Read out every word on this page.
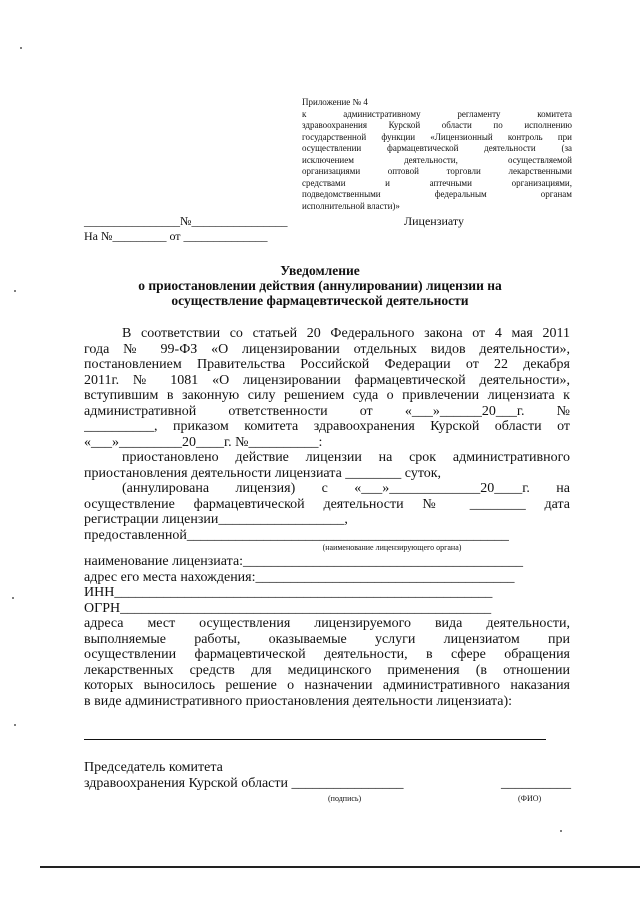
Приложение № 4
к административному регламенту комитета
здравоохранения Курской области по исполнению
государственной функции «Лицензионный контроль при
осуществлении фармацевтической деятельности (за
исключением деятельности, осуществляемой
организациями оптовой торговли лекарственными
средствами и аптечными организациями,
подведомственными федеральным органам
исполнительной власти)»
________________№________________
На №_________ от ______________
Лицензиату
Уведомление
о приостановлении действия (аннулировании) лицензии на
осуществление фармацевтической деятельности
В соответствии со статьей 20 Федерального закона от 4 мая 2011
года № 99-ФЗ «О лицензировании отдельных видов деятельности»,
постановлением Правительства Российской Федерации от 22 декабря
2011г. № 1081 «О лицензировании фармацевтической деятельности»,
вступившим в законную силу решением суда о привлечении лицензиата к
административной ответственности от «___»______20___г. №
__________, приказом комитета здравоохранения Курской области от
«___»_________20____г. №__________:
приостановлено действие лицензии на срок административного
приостановления деятельности лицензиата ________ суток,
(аннулирована лицензия) с «___»_____________20____г. на
осуществление фармацевтической деятельности № ________ дата
регистрации лицензии__________________,
предоставленной______________________________________________
(наименование лицензирующего органа)
наименование лицензиата:________________________________________
адрес его места нахождения:_____________________________________
ИНН______________________________________________________
ОГРН_____________________________________________________
адреса мест осуществления лицензируемого вида деятельности,
выполняемые работы, оказываемые услуги лицензиатом при
осуществлении фармацевтической деятельности, в сфере обращения
лекарственных средств для медицинского применения (в отношении
которых выносилось решение о назначении административного наказания
в виде административного приостановления деятельности лицензиата):
Председатель комитета
здравоохранения Курской области ________________	__________
(подпись)	(ФИО)
